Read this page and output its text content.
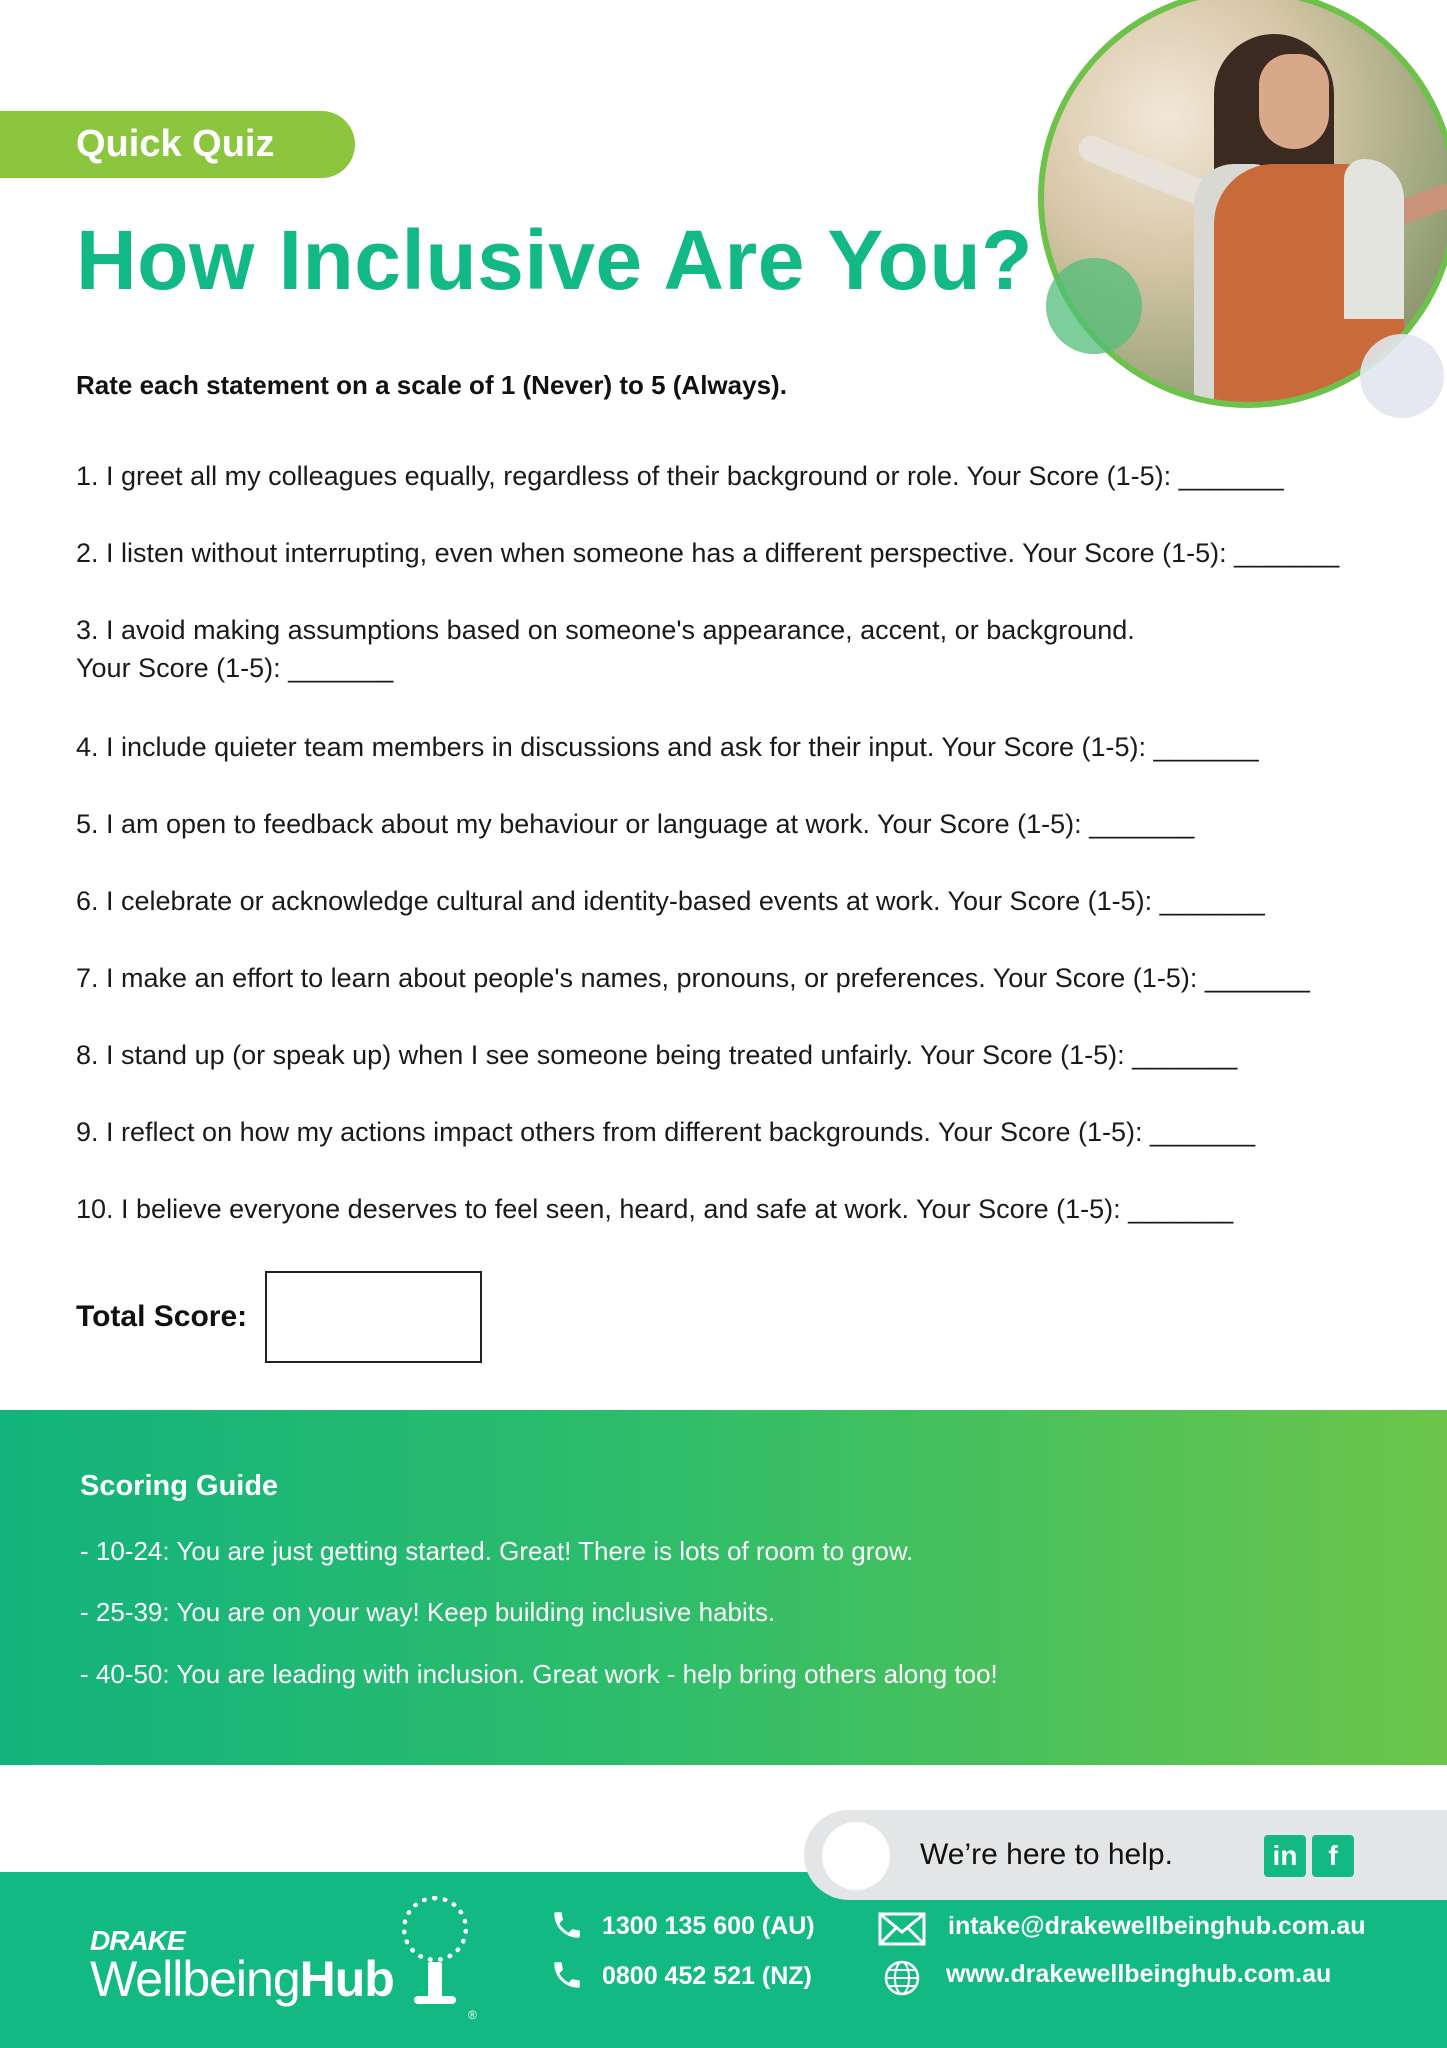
Quick Quiz
How Inclusive Are You?
Rate each statement on a scale of 1 (Never) to 5 (Always).
1. I greet all my colleagues equally, regardless of their background or role. Your Score (1-5): _______
2. I listen without interrupting, even when someone has a different perspective. Your Score (1-5): _______
3. I avoid making assumptions based on someone's appearance, accent, or background.
Your Score (1-5): _______
4. I include quieter team members in discussions and ask for their input. Your Score (1-5): _______
5. I am open to feedback about my behaviour or language at work. Your Score (1-5): _______
6. I celebrate or acknowledge cultural and identity-based events at work. Your Score (1-5): _______
7. I make an effort to learn about people's names, pronouns, or preferences. Your Score (1-5): _______
8. I stand up (or speak up) when I see someone being treated unfairly. Your Score (1-5): _______
9. I reflect on how my actions impact others from different backgrounds. Your Score (1-5): _______
10. I believe everyone deserves to feel seen, heard, and safe at work. Your Score (1-5): _______
Total Score:
Scoring Guide
- 10-24: You are just getting started. Great! There is lots of room to grow.
- 25-39: You are on your way! Keep building inclusive habits.
- 40-50: You are leading with inclusion. Great work - help bring others along too!
We’re here to help.	in	f
DRAKE
WellbeingHub
®
1300 135 600 (AU)
0800 452 521 (NZ)
intake@drakewellbeinghub.com.au
www.drakewellbeinghub.com.au
